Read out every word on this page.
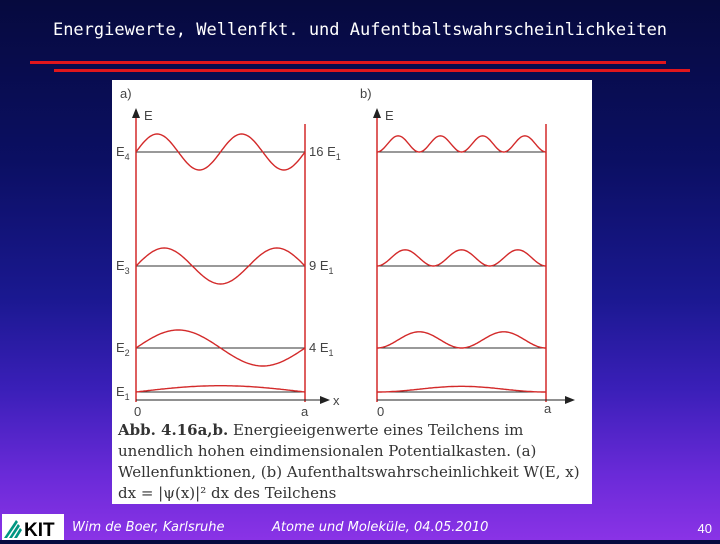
Energiewerte, Wellenfkt. und Aufentbaltswahrscheinlichkeiten
a)	b)
E
x
0	a
E
0	a
$E_4$
$E_3$
$E_2$
$E_1$
16 $E_1$
9 $E_1$
4 $E_1$
Abb. 4.16a,b. Energieeigenwerte eines Teilchens im unendlich hohen eindimensionalen Potentialkasten. (a) Wellenfunktionen, (b) Aufenthaltswahrscheinlichkeit W(E, x) dx = |ψ(x)|² dx des Teilchens
KIT Wim de Boer, Karlsruhe	Atome und Moleküle, 04.05.2010	40
